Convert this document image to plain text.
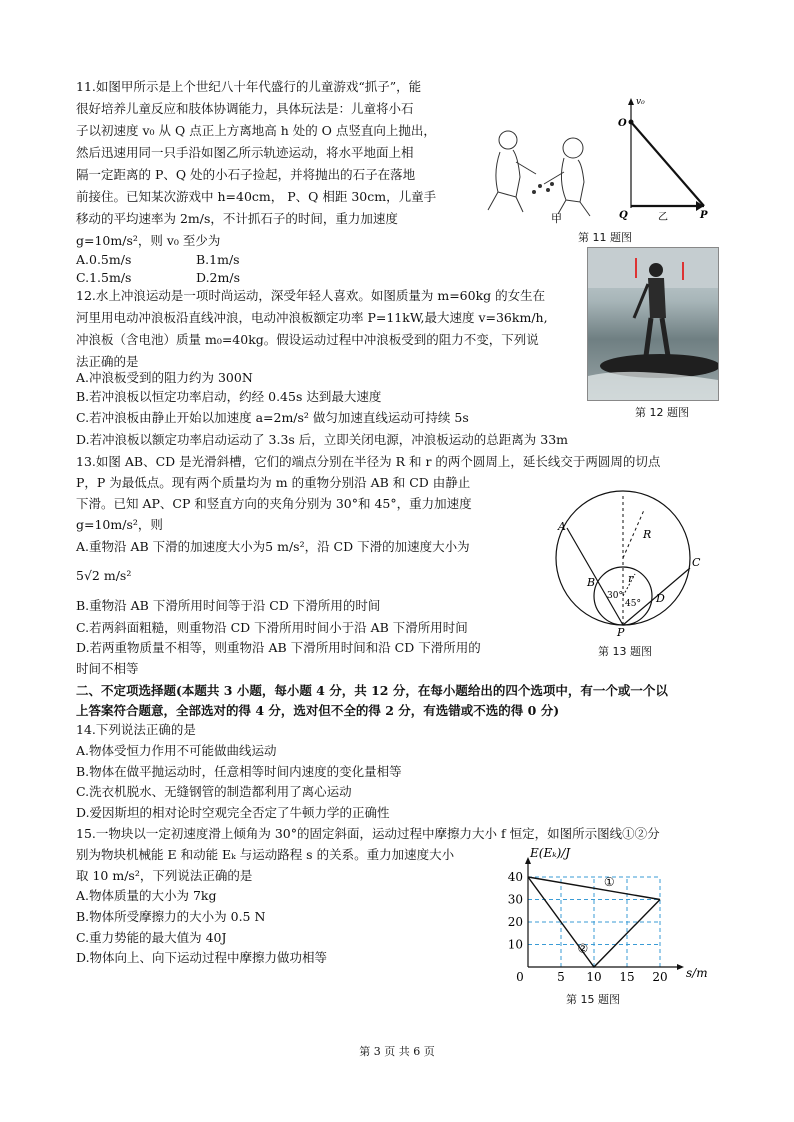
11.如图甲所示是上个世纪八十年代盛行的儿童游戏“抓子”，能
很好培养儿童反应和肢体协调能力，具体玩法是：儿童将小石
子以初速度 v₀ 从 Q 点正上方离地高 h 处的 O 点竖直向上抛出，
然后迅速用同一只手沿如图乙所示轨迹运动，将水平地面上相
隔一定距离的 P、Q 处的小石子捡起，并将抛出的石子在落地
前接住。已知某次游戏中 h=40cm， P、Q 相距 30cm，儿童手
移动的平均速率为 2m/s，不计抓石子的时间，重力加速度
g=10m/s²，则 v₀ 至少为
A.0.5m/s	B.1m/s
C.1.5m/s	D.2m/s
甲
v₀
O
Q	P
乙
第 11 题图
第 12 题图
12.水上冲浪运动是一项时尚运动，深受年轻人喜欢。如图质量为 m=60kg 的女生在
河里用电动冲浪板沿直线冲浪，电动冲浪板额定功率 P=11kW,最大速度 v=36km/h,
冲浪板（含电池）质量 m₀=40kg。假设运动过程中冲浪板受到的阻力不变，下列说
法正确的是
A.冲浪板受到的阻力约为 300N
B.若冲浪板以恒定功率启动，约经 0.45s 达到最大速度
C.若冲浪板由静止开始以加速度 a=2m/s² 做匀加速直线运动可持续 5s
D.若冲浪板以额定功率启动运动了 3.3s 后，立即关闭电源，冲浪板运动的总距离为 33m
13.如图 AB、CD 是光滑斜槽，它们的端点分别在半径为 R 和 r 的两个圆周上，延长线交于两圆周的切点
P，P 为最低点。现有两个质量均为 m 的重物分别沿 AB 和 CD 由静止
下滑。已知 AP、CP 和竖直方向的夹角分别为 30°和 45°，重力加速度
g=10m/s²，则
A.重物沿 AB 下滑的加速度大小为5 m/s²，沿 CD 下滑的加速度大小为
5√2 m/s²
B.重物沿 AB 下滑所用时间等于沿 CD 下滑所用的时间
C.若两斜面粗糙，则重物沿 CD 下滑所用时间小于沿 AB 下滑所用时间
D.若两重物质量不相等，则重物沿 AB 下滑所用时间和沿 CD 下滑所用的
时间不相等
A
B
C
D
P
R
r
30°
45°
第 13 题图
二、不定项选择题(本题共 3 小题，每小题 4 分，共 12 分，在每小题给出的四个选项中，有一个或一个以
上答案符合题意，全部选对的得 4 分，选对但不全的得 2 分，有选错或不选的得 0 分)
14.下列说法正确的是
A.物体受恒力作用不可能做曲线运动
B.物体在做平抛运动时，任意相等时间内速度的变化量相等
C.洗衣机脱水、无缝钢管的制造都利用了离心运动
D.爱因斯坦的相对论时空观完全否定了牛顿力学的正确性
15.一物块以一定初速度滑上倾角为 30°的固定斜面，运动过程中摩擦力大小 f 恒定，如图所示图线①②分
别为物块机械能 E 和动能 Eₖ 与运动路程 s 的关系。重力加速度大小
取 10 m/s²，下列说法正确的是
A.物体质量的大小为 7kg
B.物体所受摩擦力的大小为 0.5 N
C.重力势能的最大值为 40J
D.物体向上、向下运动过程中摩擦力做功相等
5 10 15 20
10
20
30
40
0
E(Eₖ)/J
s/m
①
②
第 15 题图
第 3 页 共 6 页
